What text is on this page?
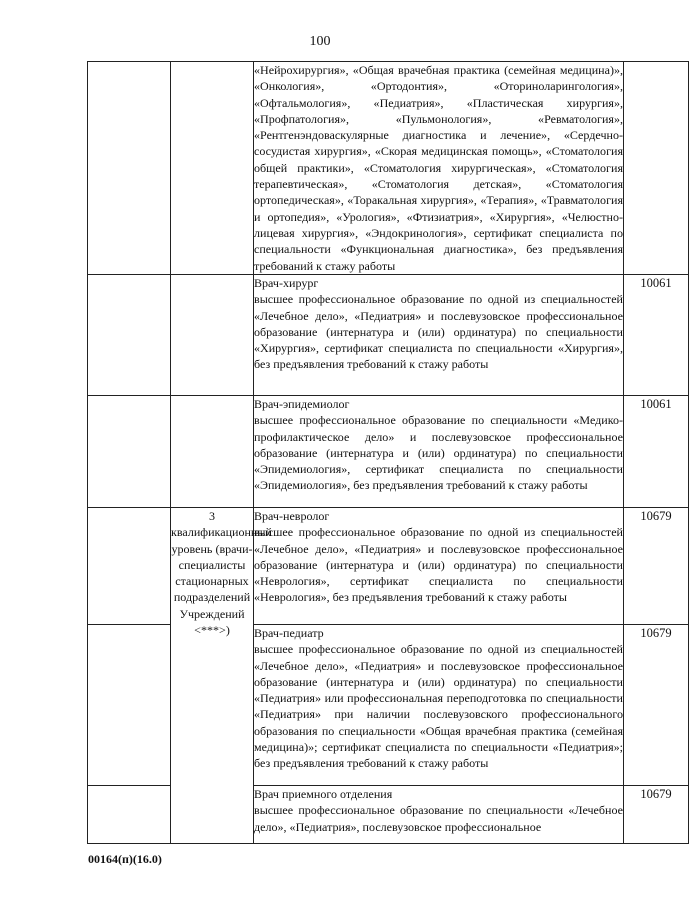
100

		«Нейрохирургия», «Общая врачебная практика (семейная медицина)», «Онкология», «Ортодонтия», «Оториноларингология», «Офтальмология», «Педиатрия», «Пластическая хирургия», «Профпатология», «Пульмонология», «Ревматология», «Рентгенэндоваскулярные диагностика и лечение», «Сердечно-сосудистая хирургия», «Скорая медицинская помощь», «Стоматология общей практики», «Стоматология хирургическая», «Стоматология терапевтическая», «Стоматология детская», «Стоматология ортопедическая», «Торакальная хирургия», «Терапия», «Травматология и ортопедия», «Урология», «Фтизиатрия», «Хирургия», «Челюстно-лицевая хирургия», «Эндокринология», сертификат специалиста по специальности «Функциональная диагностика», без предъявления требований к стажу работы	

		Врач-хирург
высшее профессиональное образование по одной из специальностей «Лечебное дело», «Педиатрия» и послевузовское профессиональное образование (интернатура и (или) ординатура) по специальности «Хирургия», сертификат специалиста по специальности «Хирургия», без предъявления требований к стажу работы	10061

		Врач-эпидемиолог
высшее профессиональное образование по специальности «Медико-профилактическое дело» и послевузовское профессиональное образование (интернатура и (или) ординатура) по специальности «Эпидемиология», сертификат специалиста по специальности «Эпидемиология», без предъявления требований к стажу работы	10061
	3 квалификационный уровень (врачи-специалисты стационарных подразделений Учреждений <***>)	Врач-невролог
высшее профессиональное образование по одной из специальностей «Лечебное дело», «Педиатрия» и послевузовское профессиональное образование (интернатура и (или) ординатура) по специальности «Неврология», сертификат специалиста по специальности «Неврология», без предъявления требований к стажу работы	10679

		Врач-педиатр
высшее профессиональное образование по одной из специальностей «Лечебное дело», «Педиатрия» и послевузовское профессиональное образование (интернатура и (или) ординатура) по специальности «Педиатрия» или профессиональная переподготовка по специальности «Педиатрия» при наличии послевузовского профессионального образования по специальности «Общая врачебная практика (семейная медицина)»; сертификат специалиста по специальности «Педиатрия»; без предъявления требований к стажу работы	10679

		Врач приемного отделения
высшее профессиональное образование по специальности «Лечебное дело», «Педиатрия», послевузовское профессиональное	10679
00164(п)(16.0)
